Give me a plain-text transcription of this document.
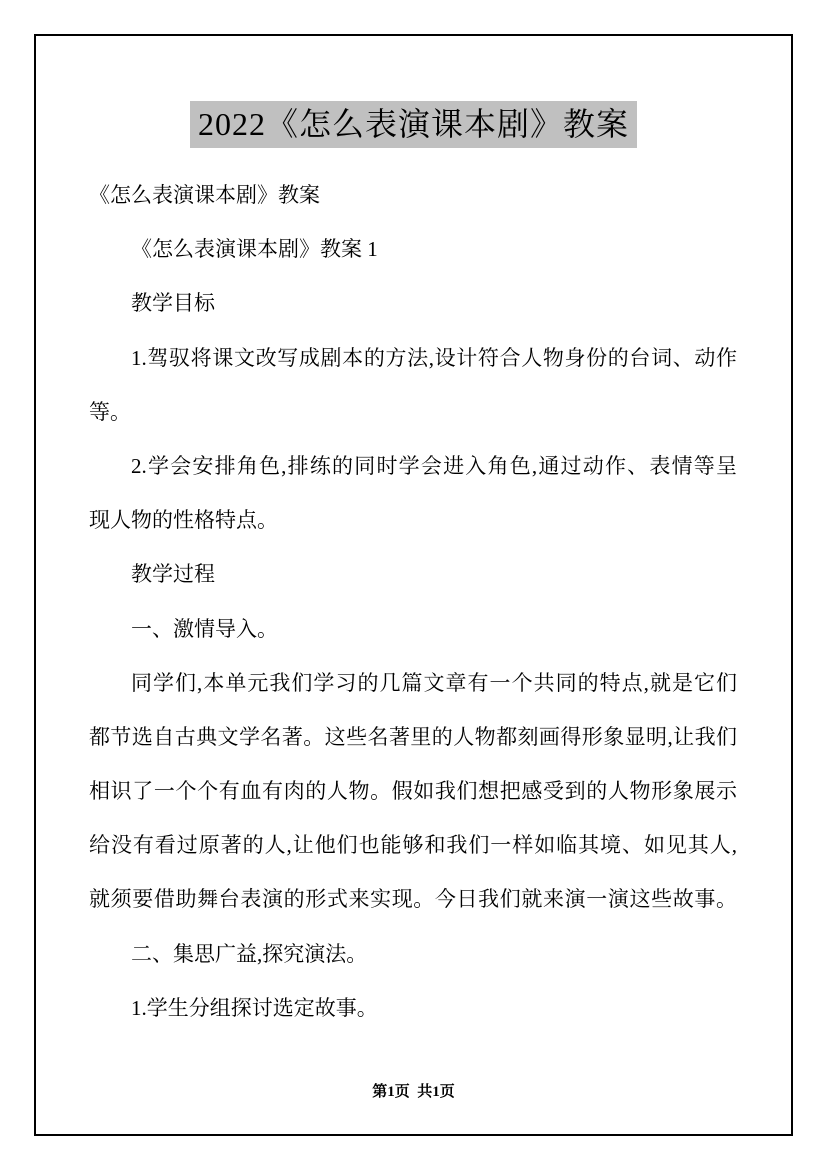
2022《怎么表演课本剧》教案
《怎么表演课本剧》教案
《怎么表演课本剧》教案 1
教学目标
1.驾驭将课文改写成剧本的方法,设计符合人物身份的台词、动作
等。
2.学会安排角色,排练的同时学会进入角色,通过动作、表情等呈
现人物的性格特点。
教学过程
一、激情导入。
同学们,本单元我们学习的几篇文章有一个共同的特点,就是它们
都节选自古典文学名著。这些名著里的人物都刻画得形象显明,让我们
相识了一个个有血有肉的人物。假如我们想把感受到的人物形象展示
给没有看过原著的人,让他们也能够和我们一样如临其境、如见其人,
就须要借助舞台表演的形式来实现。今日我们就来演一演这些故事。
二、集思广益,探究演法。
1.学生分组探讨选定故事。
第1页  共1页
